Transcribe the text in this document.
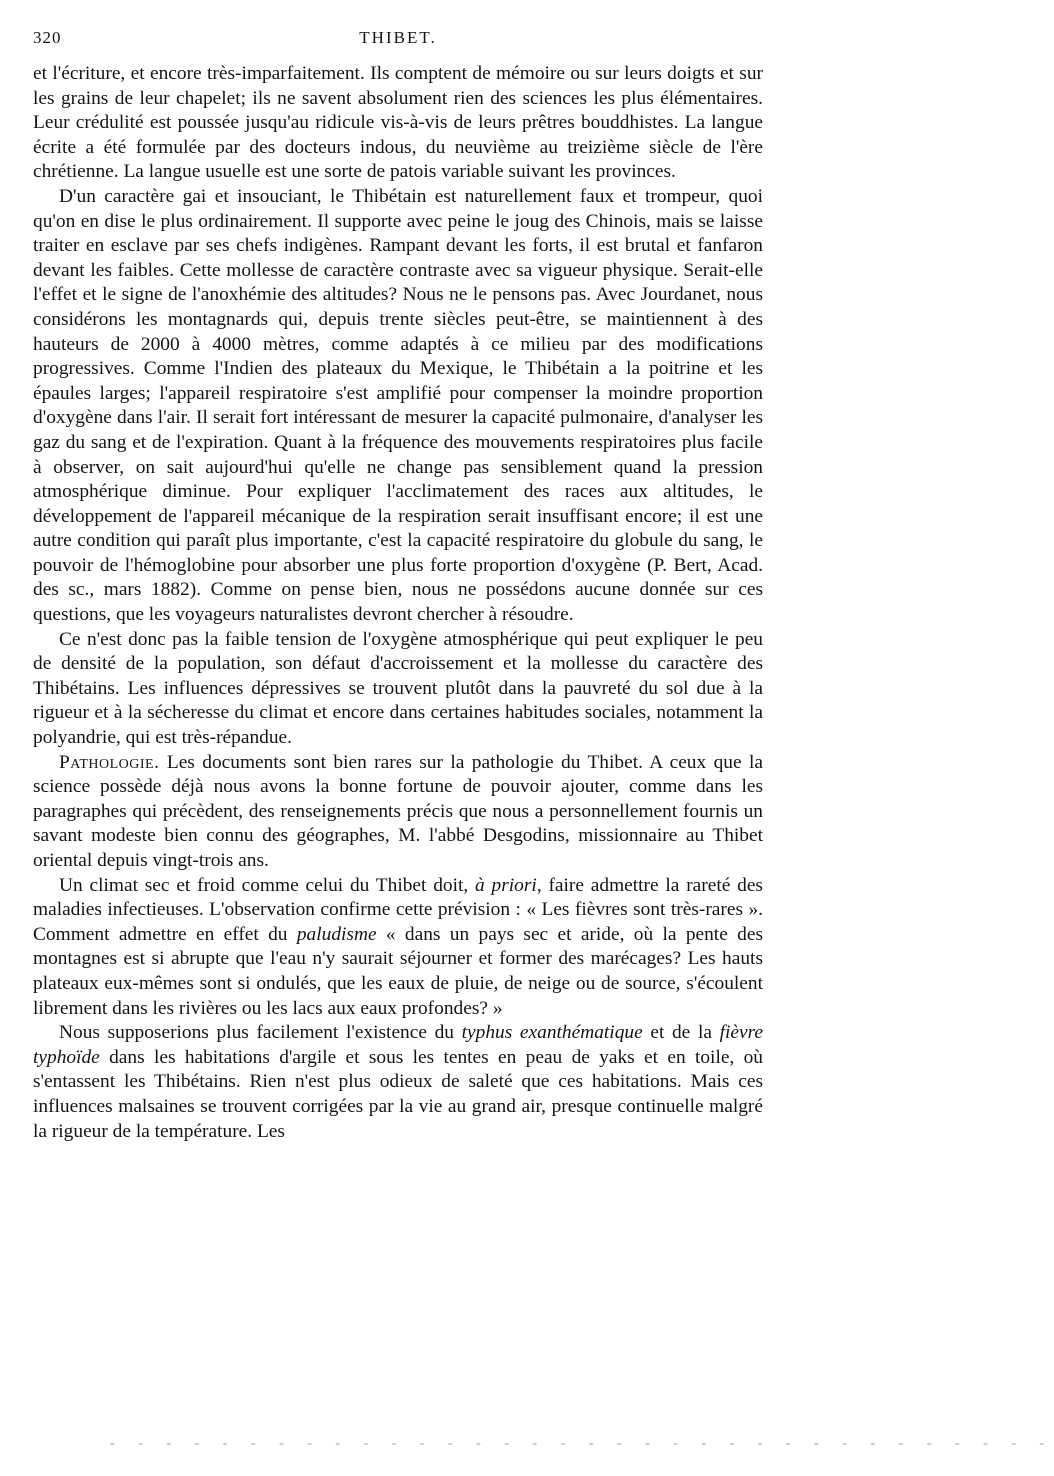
320	THIBET.

et l'écriture, et encore très-imparfaitement. Ils comptent de mémoire ou sur leurs doigts et sur les grains de leur chapelet; ils ne savent absolument rien des sciences les plus élémentaires. Leur crédulité est poussée jusqu'au ridicule vis-à-vis de leurs prêtres bouddhistes. La langue écrite a été formulée par des docteurs indous, du neuvième au treizième siècle de l'ère chrétienne. La langue usuelle est une sorte de patois variable suivant les provinces.

D'un caractère gai et insouciant, le Thibétain est naturellement faux et trompeur, quoi qu'on en dise le plus ordinairement. Il supporte avec peine le joug des Chinois, mais se laisse traiter en esclave par ses chefs indigènes. Rampant devant les forts, il est brutal et fanfaron devant les faibles. Cette mollesse de caractère contraste avec sa vigueur physique. Serait-elle l'effet et le signe de l'anoxhémie des altitudes? Nous ne le pensons pas. Avec Jourdanet, nous considérons les montagnards qui, depuis trente siècles peut-être, se maintiennent à des hauteurs de 2000 à 4000 mètres, comme adaptés à ce milieu par des modifications progressives. Comme l'Indien des plateaux du Mexique, le Thibétain a la poitrine et les épaules larges; l'appareil respiratoire s'est amplifié pour compenser la moindre proportion d'oxygène dans l'air. Il serait fort intéressant de mesurer la capacité pulmonaire, d'analyser les gaz du sang et de l'expiration. Quant à la fréquence des mouvements respiratoires plus facile à observer, on sait aujourd'hui qu'elle ne change pas sensiblement quand la pression atmosphérique diminue. Pour expliquer l'acclimatement des races aux altitudes, le développement de l'appareil mécanique de la respiration serait insuffisant encore; il est une autre condition qui paraît plus importante, c'est la capacité respiratoire du globule du sang, le pouvoir de l'hémoglobine pour absorber une plus forte proportion d'oxygène (P. Bert, Acad. des sc., mars 1882). Comme on pense bien, nous ne possédons aucune donnée sur ces questions, que les voyageurs naturalistes devront chercher à résoudre.

Ce n'est donc pas la faible tension de l'oxygène atmosphérique qui peut expliquer le peu de densité de la population, son défaut d'accroissement et la mollesse du caractère des Thibétains. Les influences dépressives se trouvent plutôt dans la pauvreté du sol due à la rigueur et à la sécheresse du climat et encore dans certaines habitudes sociales, notamment la polyandrie, qui est très-répandue.

Pathologie. Les documents sont bien rares sur la pathologie du Thibet. A ceux que la science possède déjà nous avons la bonne fortune de pouvoir ajouter, comme dans les paragraphes qui précèdent, des renseignements précis que nous a personnellement fournis un savant modeste bien connu des géographes, M. l'abbé Desgodins, missionnaire au Thibet oriental depuis vingt-trois ans.

Un climat sec et froid comme celui du Thibet doit, à priori, faire admettre la rareté des maladies infectieuses. L'observation confirme cette prévision : « Les fièvres sont très-rares ». Comment admettre en effet du paludisme « dans un pays sec et aride, où la pente des montagnes est si abrupte que l'eau n'y saurait séjourner et former des marécages? Les hauts plateaux eux-mêmes sont si ondulés, que les eaux de pluie, de neige ou de source, s'écoulent librement dans les rivières ou les lacs aux eaux profondes? »

Nous supposerions plus facilement l'existence du typhus exanthématique et de la fièvre typhoïde dans les habitations d'argile et sous les tentes en peau de yaks et en toile, où s'entassent les Thibétains. Rien n'est plus odieux de saleté que ces habitations. Mais ces influences malsaines se trouvent corrigées par la vie au grand air, presque continuelle malgré la rigueur de la température. Les

- - - - - - - - - - - - - - - - - - - - - - - - - - - - - - - - - -
